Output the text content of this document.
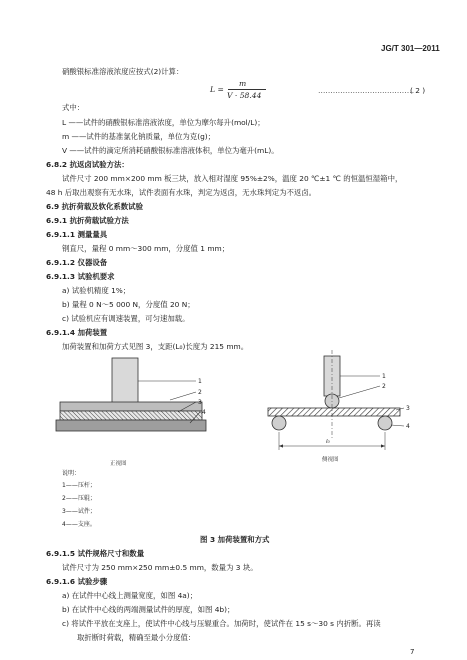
JG/T 301—2011
硝酸银标准溶液浓度应按式(2)计算：
L =
m
V · 58.44
…………………………………
( 2 )
式中：
L ——试件的硝酸银标准溶液浓度，单位为摩尔每升(mol/L)；
m ——试件的基准氯化钠质量，单位为克(g)；
V ——试件的滴定所消耗硝酸银标准溶液体积，单位为毫升(mL)。
6.8.2 抗返卤试验方法：
试件尺寸 200 mm×200 mm 板三块，放入相对湿度 95%±2%，温度 20 ℃±1 ℃ 的恒温恒湿箱中，
48 h 后取出观察有无水珠，试件表面有水珠，判定为返卤，无水珠判定为不返卤。
6.9 抗折荷载及软化系数试验
6.9.1 抗折荷载试验方法
6.9.1.1 测量量具
钢直尺，量程 0 mm～300 mm，分度值 1 mm；
6.9.1.2 仪器设备
6.9.1.3 试验机要求
a) 试验机精度 1%；
b) 量程 0 N～5 000 N，分度值 20 N；
c) 试验机应有调速装置，可匀速加载。
6.9.1.4 加荷装置
加荷装置和加荷方式见图 3，支距(L₀)长度为 215 mm。
1
2
3
4
正视图
1
2
3
4
l₀
侧视图
说明：
1——压杆；
2——压辊；
3——试件；
4——支座。
图 3 加荷装置和方式
6.9.1.5 试件规格尺寸和数量
试件尺寸为 250 mm×250 mm±0.5 mm，数量为 3 块。
6.9.1.6 试验步骤
a) 在试件中心线上测量宽度，如图 4a)；
b) 在试件中心线的两端测量试件的厚度，如图 4b)；
c) 将试件平放在支座上，使试件中心线与压辊重合。加荷时，使试件在 15 s～30 s 内折断。再读
取折断时荷载，精确至最小分度值：
7
